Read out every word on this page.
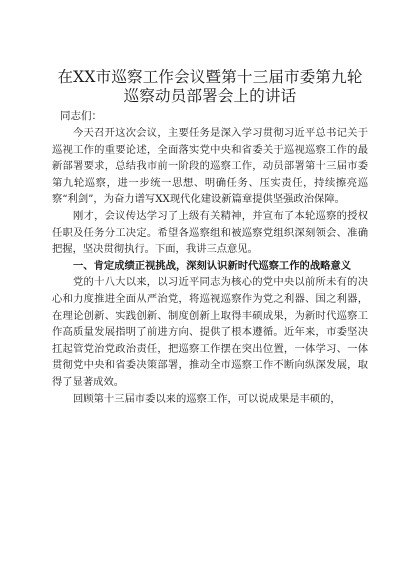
在XX市巡察工作会议暨第十三届市委第九轮巡察动员部署会上的讲话

同志们：

今天召开这次会议，主要任务是深入学习贯彻习近平总书记关于巡视工作的重要论述，全面落实党中央和省委关于巡视巡察工作的最新部署要求，总结我市前一阶段的巡察工作，动员部署第十三届市委第九轮巡察，进一步统一思想、明确任务、压实责任，持续擦亮巡察“利剑”，为奋力谱写XX现代化建设新篇章提供坚强政治保障。

刚才，会议传达学习了上级有关精神，并宣布了本轮巡察的授权任职及任务分工决定。希望各巡察组和被巡察党组织深刻领会、准确把握，坚决贯彻执行。下面，我讲三点意见。

一、肯定成绩正视挑战，深刻认识新时代巡察工作的战略意义

党的十八大以来，以习近平同志为核心的党中央以前所未有的决心和力度推进全面从严治党，将巡视巡察作为党之利器、国之利器，在理论创新、实践创新、制度创新上取得丰硕成果，为新时代巡察工作高质量发展指明了前进方向、提供了根本遵循。近年来，市委坚决扛起管党治党政治责任，把巡察工作摆在突出位置，一体学习、一体贯彻党中央和省委决策部署，推动全市巡察工作不断向纵深发展，取得了显著成效。

回顾第十三届市委以来的巡察工作，可以说成果是丰硕的，
